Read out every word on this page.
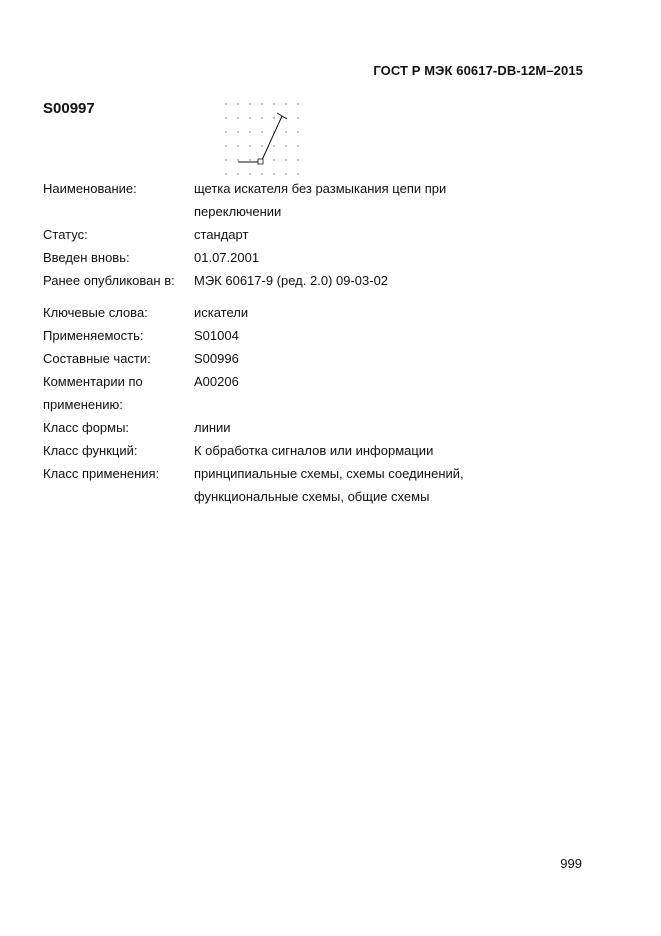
ГОСТ Р МЭК 60617-DB-12M–2015
S00997
Наименование:	щетка искателя без размыкания цепи при
переключении
Статус:	стандарт
Введен вновь:	01.07.2001
Ранее опубликован в:	МЭК 60617-9 (ред. 2.0) 09-03-02
Ключевые слова:	искатели
Применяемость:	S01004
Составные части:	S00996
Комментарии по
применению:
A00206
Класс формы:	линии
Класс функций:	К обработка сигналов или информации
Класс применения:	принципиальные схемы, схемы соединений,
функциональные схемы, общие схемы
999
